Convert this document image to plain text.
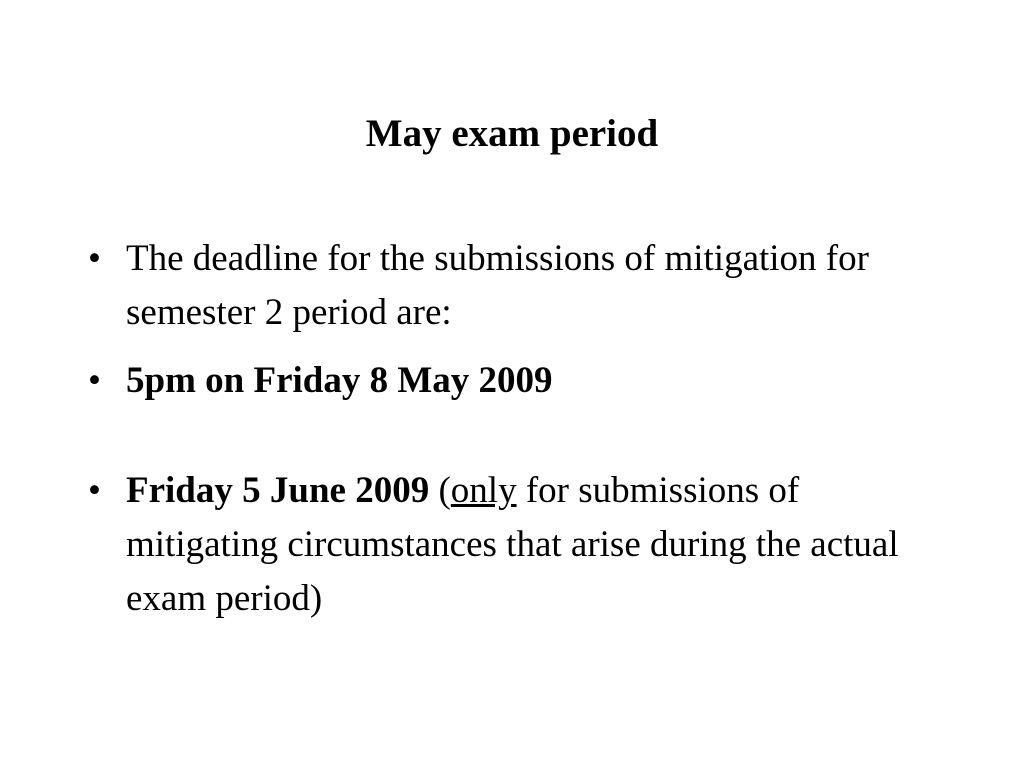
May exam period
• The deadline for the submissions of mitigation for semester 2 period are:
• 5pm on Friday 8 May 2009
• Friday 5 June 2009 (only for submissions of mitigating circumstances that arise during the actual exam period)
